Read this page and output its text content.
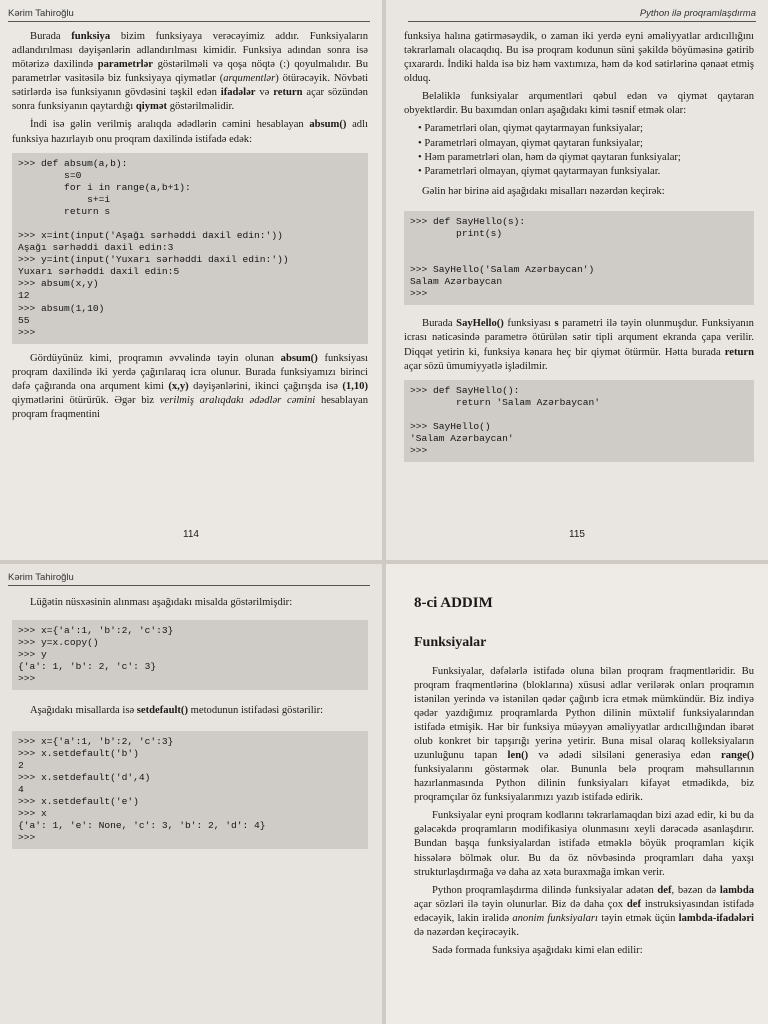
Kərim Tahiroğlu

Burada funksiya bizim funksiyaya verəcəyimiz addır. Funksiyaların adlandırılması dəyişənlərin adlandırılması kimidir. Funksiya adından sonra isə mötərizə daxilində parametrlər göstərilməli və qoşa nöqtə (:) qoyulmalıdır. Bu parametrlər vasitəsilə biz funksiyaya qiymətlər (arqumentlər) ötürəcəyik. Növbəti sətirlərdə isə funksiyanın gövdəsini təşkil edən ifadələr və return açar sözündən sonra funksiyanın qaytardığı qiymət göstərilməlidir.

İndi isə gəlin verilmiş aralıqda ədədlərin cəmini hesablayan absum() adlı funksiya hazırlayıb onu proqram daxilində istifadə edək:

>>> def absum(a,b):
s=0
for i in range(a,b+1):
s+=i
return s

>>> x=int(input('Aşağı sərhəddi daxil edin:'))
Aşağı sərhəddi daxil edin:3
>>> y=int(input('Yuxarı sərhəddi daxil edin:'))
Yuxarı sərhəddi daxil edin:5
>>> absum(x,y)
12
>>> absum(1,10)
55
>>>

Gördüyünüz kimi, proqramın əvvəlində təyin olunan absum() funksiyası proqram daxilində iki yerdə çağırılaraq icra olunur. Burada funksiyamızı birinci dəfə çağıranda ona arqument kimi (x,y) dəyişənlərini, ikinci çağırışda isə (1,10) qiymətlərini ötürürük. Əgər biz verilmiş aralıqdakı ədədlər cəmini hesablayan proqram fraqmentini

114
Python ilə proqramlaşdırma

funksiya halına gətirməsəydik, o zaman iki yerdə eyni əməliyyatlar ardıcıllığını təkrarlamalı olacaqdıq. Bu isə proqram kodunun süni şəkildə böyüməsinə gətirib çıxarardı. İndiki halda isə biz həm vaxtımıza, həm də kod sətirlərinə qənaət etmiş olduq.

Beləliklə funksiyalar arqumentləri qəbul edən və qiymət qaytaran obyektlərdir. Bu baxımdan onları aşağıdakı kimi təsnif etmək olar:

• Parametrləri olan, qiymət qaytarmayan funksiyalar;
• Parametrləri olmayan, qiymət qaytaran funksiyalar;
• Həm parametrləri olan, həm də qiymət qaytaran funksiyalar;
• Parametrləri olmayan, qiymət qaytarmayan funksiyalar.

Gəlin hər birinə aid aşağıdakı misalları nəzərdən keçirək:

>>> def SayHello(s):
print(s)

>>> SayHello('Salam Azərbaycan')
Salam Azərbaycan
>>>

Burada SayHello() funksiyası s parametri ilə təyin olunmuşdur. Funksiyanın icrası nəticəsində parametrə ötürülən sətir tipli arqument ekranda çapa verilir. Diqqət yetirin ki, funksiya kənara heç bir qiymət ötürmür. Hətta burada return açar sözü ümumiyyətlə işlədilmir.

>>> def SayHello():
return 'Salam Azərbaycan'

>>> SayHello()
'Salam Azərbaycan'
>>>
115
Kərim Tahiroğlu

Lüğətin nüsxəsinin alınması aşağıdakı misalda göstərilmişdir:

>>> x={'a':1, 'b':2, 'c':3}
>>> y=x.copy()
>>> y
{'a': 1, 'b': 2, 'c': 3}
>>>

Aşağıdakı misallarda isə setdefault() metodunun istifadəsi göstərilir:

>>> x={'a':1, 'b':2, 'c':3}
>>> x.setdefault('b')
2
>>> x.setdefault('d',4)
4
>>> x.setdefault('e')
>>> x
{'a': 1, 'e': None, 'c': 3, 'b': 2, 'd': 4}
>>>
8-ci ADDIM
Funksiyalar

Funksiyalar, dəfələrlə istifadə oluna bilən proqram fraqmentləridir. Bu proqram fraqmentlərinə (bloklarına) xüsusi adlar verilərək onları proqramın istənilən yerində və istənilən qədər çağırıb icra etmək mümkündür. Biz indiyə qədər yazdığımız proqramlarda Python dilinin müxtəlif funksiyalarından istifadə etmişik. Hər bir funksiya müəyyən əməliyyatlar ardıcıllığından ibarət olub konkret bir tapşırığı yerinə yetirir. Buna misal olaraq kolleksiyaların uzunluğunu tapan len() və ədədi silsiləni generasiya edən range() funksiyalarını göstərmək olar. Bununla belə proqram məhsullarının hazırlanmasında Python dilinin funksiyaları kifayət etmədikdə, biz proqramçılar öz funksiyalarımızı yazıb istifadə edirik.

Funksiyalar eyni proqram kodlarını təkrarlamaqdan bizi azad edir, ki bu da gələcəkdə proqramların modifikasiya olunmasını xeyli dərəcədə asanlaşdırır. Bundan başqa funksiyalardan istifadə etməklə böyük proqramları kiçik hissələrə bölmək olur. Bu da öz növbəsində proqramları daha yaxşı strukturlaşdırmağa və daha az xəta buraxmağa imkan verir.

Python proqramlaşdırma dilində funksiyalar adətən def, bəzən də lambda açar sözləri ilə təyin olunurlar. Biz də daha çox def instruksiyasından istifadə edəcəyik, lakin irəlidə anonim funksiyaları təyin etmək üçün lambda-ifadələri də nəzərdən keçirəcəyik.

Sadə formada funksiya aşağıdakı kimi elan edilir:
